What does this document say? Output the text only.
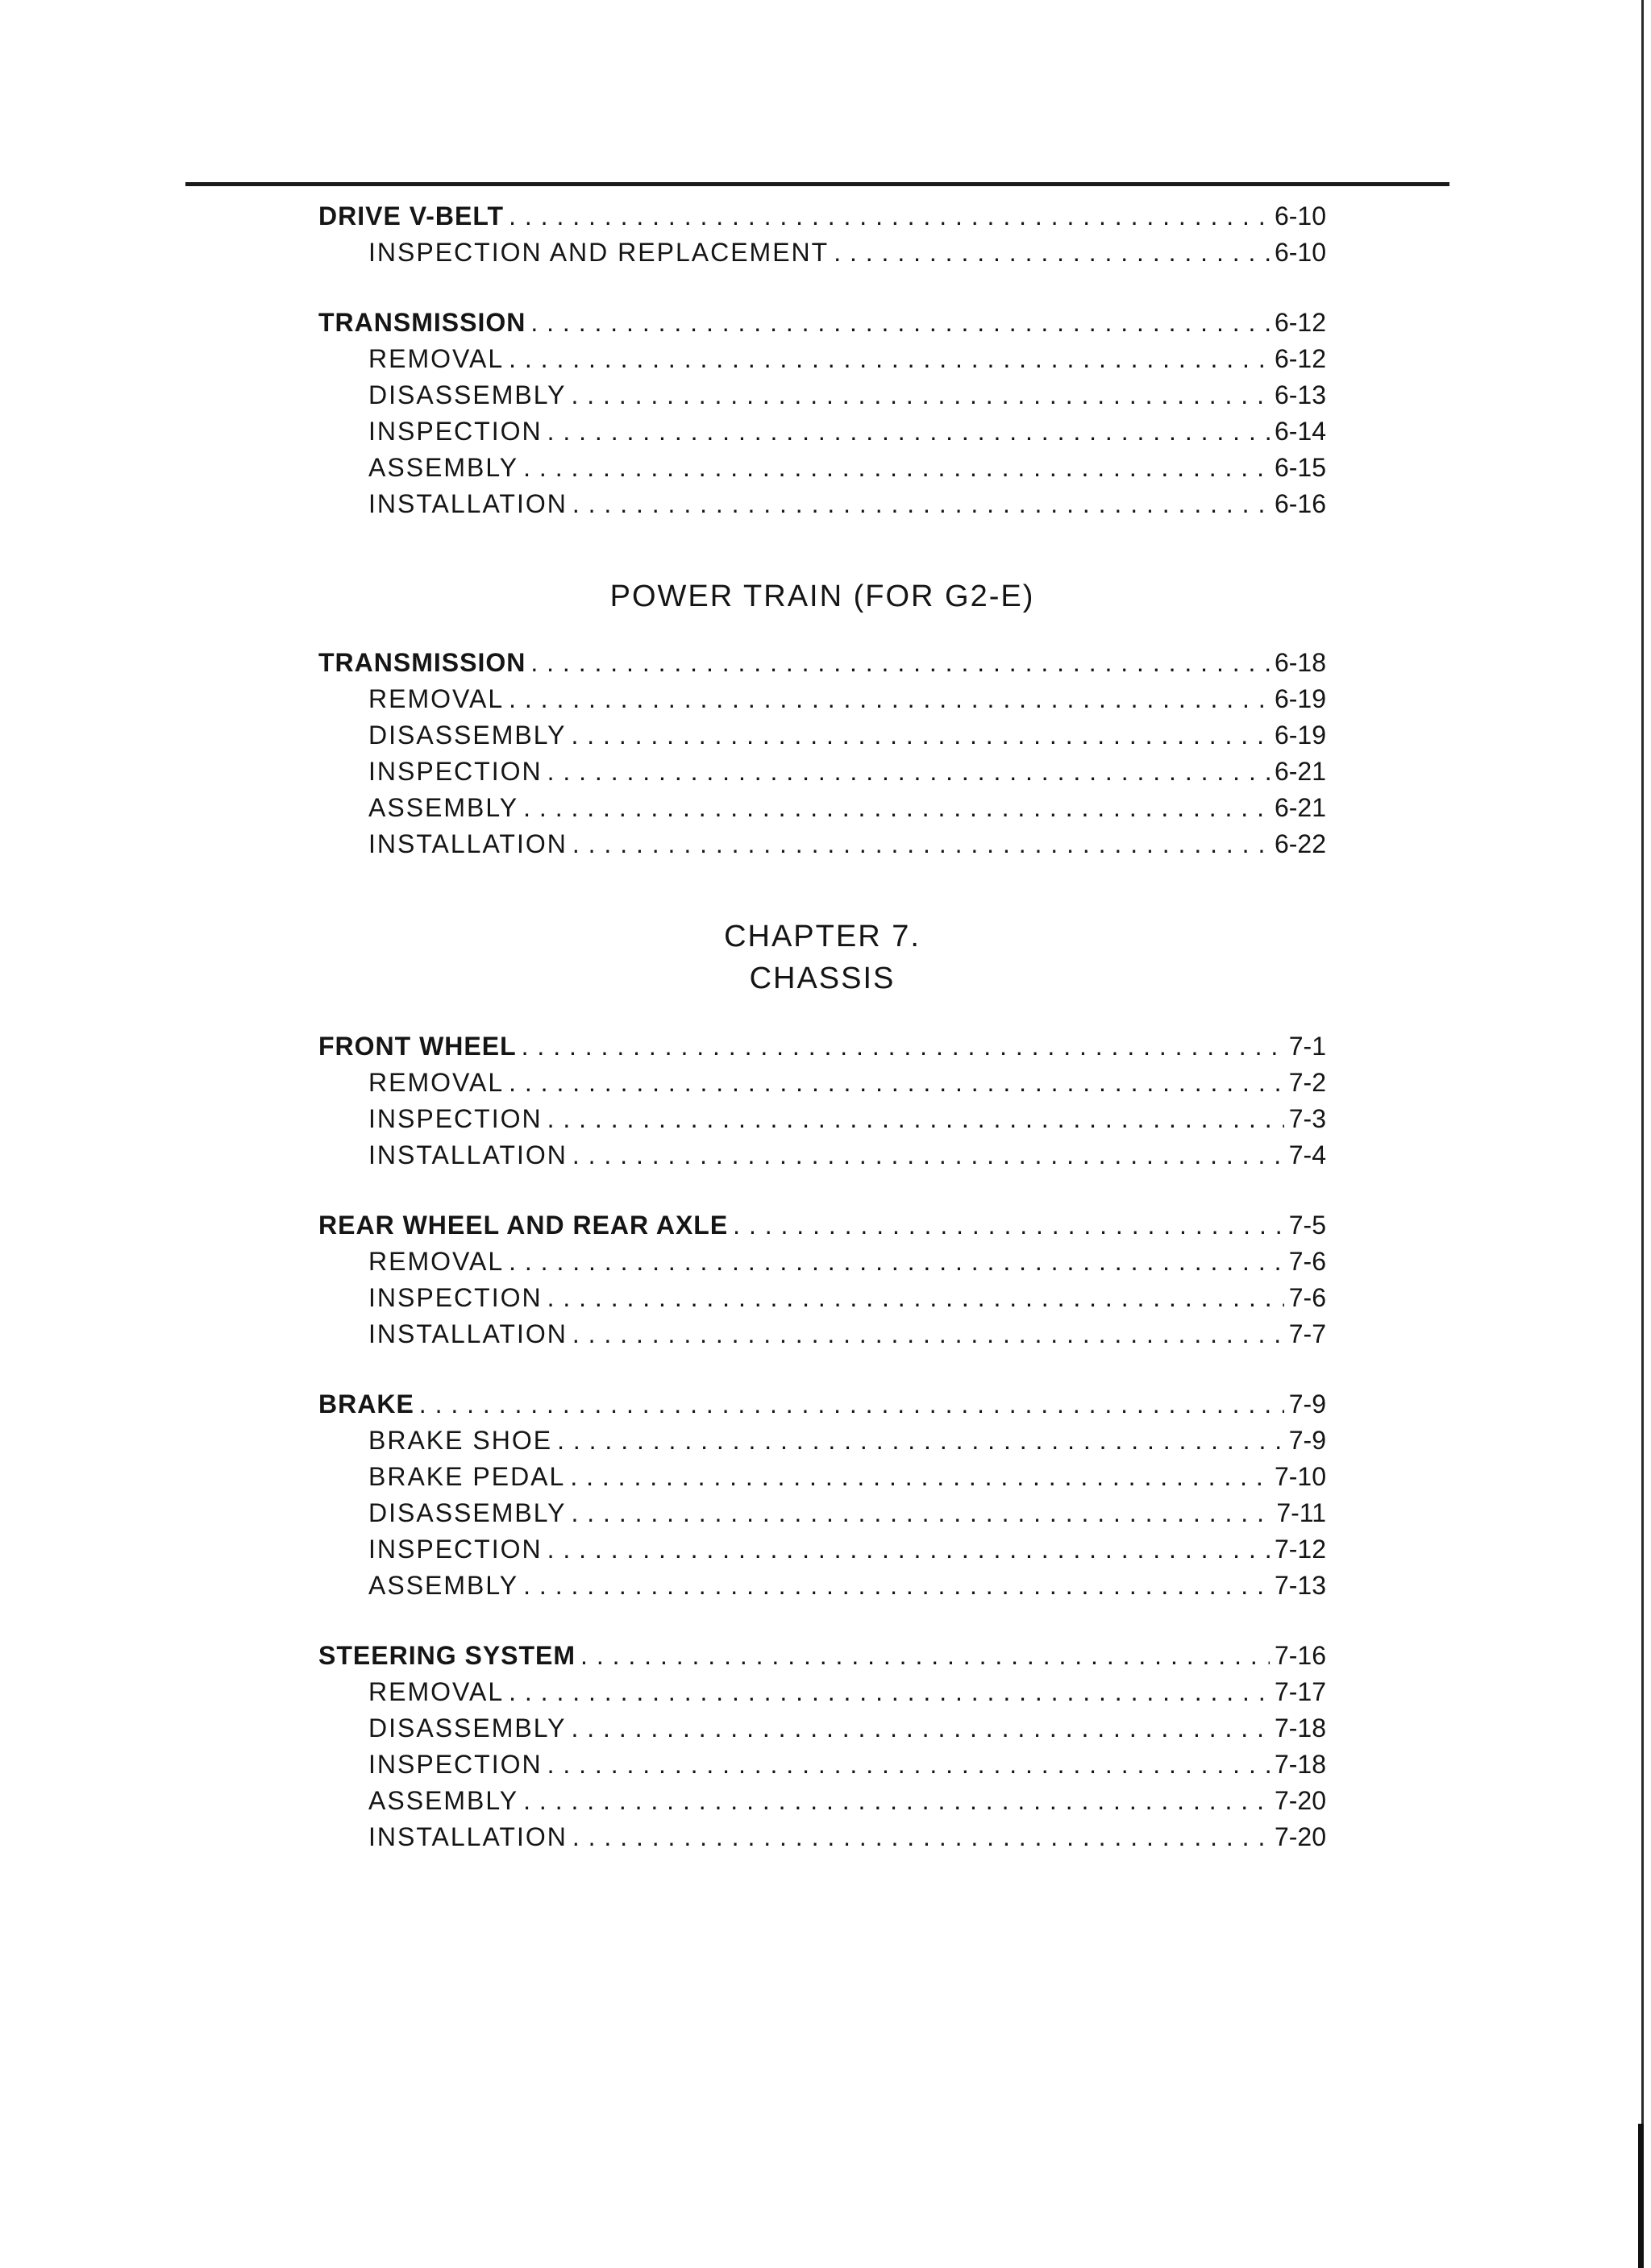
DRIVE V-BELT . . .	6-10
INSPECTION AND REPLACEMENT . . .	6-10
TRANSMISSION . . .	6-12
REMOVAL . . .	6-12
DISASSEMBLY . . .	6-13
INSPECTION . . .	6-14
ASSEMBLY . . .	6-15
INSTALLATION . . .	6-16
POWER TRAIN (FOR G2-E)
TRANSMISSION . . .	6-18
REMOVAL . . .	6-19
DISASSEMBLY . . .	6-19
INSPECTION . . .	6-21
ASSEMBLY . . .	6-21
INSTALLATION . . .	6-22
CHAPTER 7.
CHASSIS
FRONT WHEEL . . .	7-1
REMOVAL . . .	7-2
INSPECTION . . .	7-3
INSTALLATION . . .	7-4
REAR WHEEL AND REAR AXLE . . .	7-5
REMOVAL . . .	7-6
INSPECTION . . .	7-6
INSTALLATION . . .	7-7
BRAKE . . .	7-9
BRAKE SHOE . . .	7-9
BRAKE PEDAL . . .	7-10
DISASSEMBLY . . .	7-11
INSPECTION . . .	7-12
ASSEMBLY . . .	7-13
STEERING SYSTEM . . .	7-16
REMOVAL . . .	7-17
DISASSEMBLY . . .	7-18
INSPECTION . . .	7-18
ASSEMBLY . . .	7-20
INSTALLATION . . .	7-20
